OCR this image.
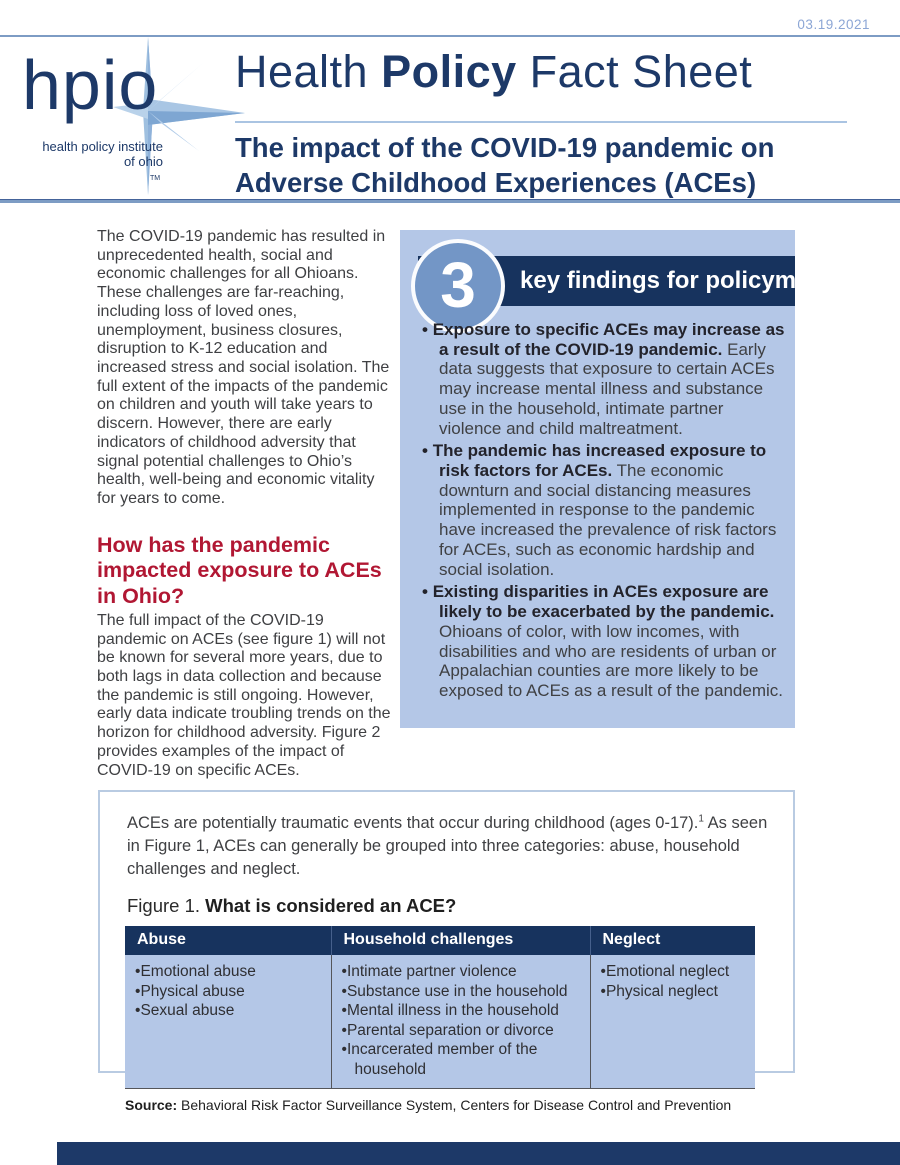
03.19.2021
hpio
health policy institute
of ohio
TM
Health Policy Fact Sheet
The impact of the COVID-19 pandemic on
Adverse Childhood Experiences (ACEs)

The COVID-19 pandemic has resulted in unprecedented health, social and economic challenges for all Ohioans. These challenges are far-reaching, including loss of loved ones, unemployment, business closures, disruption to K-12 education and increased stress and social isolation. The full extent of the impacts of the pandemic on children and youth will take years to discern. However, there are early indicators of childhood adversity that signal potential challenges to Ohio’s health, well-being and economic vitality for years to come.

How has the pandemic impacted exposure to ACEs in Ohio?

The full impact of the COVID-19 pandemic on ACEs (see figure 1) will not be known for several more years, due to both lags in data collection and because the pandemic is still ongoing. However, early data indicate troubling trends on the horizon for childhood adversity. Figure 2 provides examples of the impact of COVID-19 on specific ACEs.

key findings for policymakers
3
• Exposure to specific ACEs may increase as a result of the COVID-19 pandemic. Early data suggests that exposure to certain ACEs may increase mental illness and substance use in the household, intimate partner violence and child maltreatment.
• The pandemic has increased exposure to risk factors for ACEs. The economic downturn and social distancing measures implemented in response to the pandemic have increased the prevalence of risk factors for ACEs, such as economic hardship and social isolation.
• Existing disparities in ACEs exposure are likely to be exacerbated by the pandemic. Ohioans of color, with low incomes, with disabilities and who are residents of urban or Appalachian counties are more likely to be exposed to ACEs as a result of the pandemic.

ACEs are potentially traumatic events that occur during childhood (ages 0-17).$^1$ As seen in Figure 1, ACEs can generally be grouped into three categories: abuse, household challenges and neglect.

Figure 1. What is considered an ACE?

Abuse	Household challenges	Neglect

• Emotional abuse
• Physical abuse
• Sexual abuse

• Intimate partner violence
• Substance use in the household
• Mental illness in the household
• Parental separation or divorce
• Incarcerated member of the household

• Emotional neglect
• Physical neglect

Source: Behavioral Risk Factor Surveillance System, Centers for Disease Control and Prevention
